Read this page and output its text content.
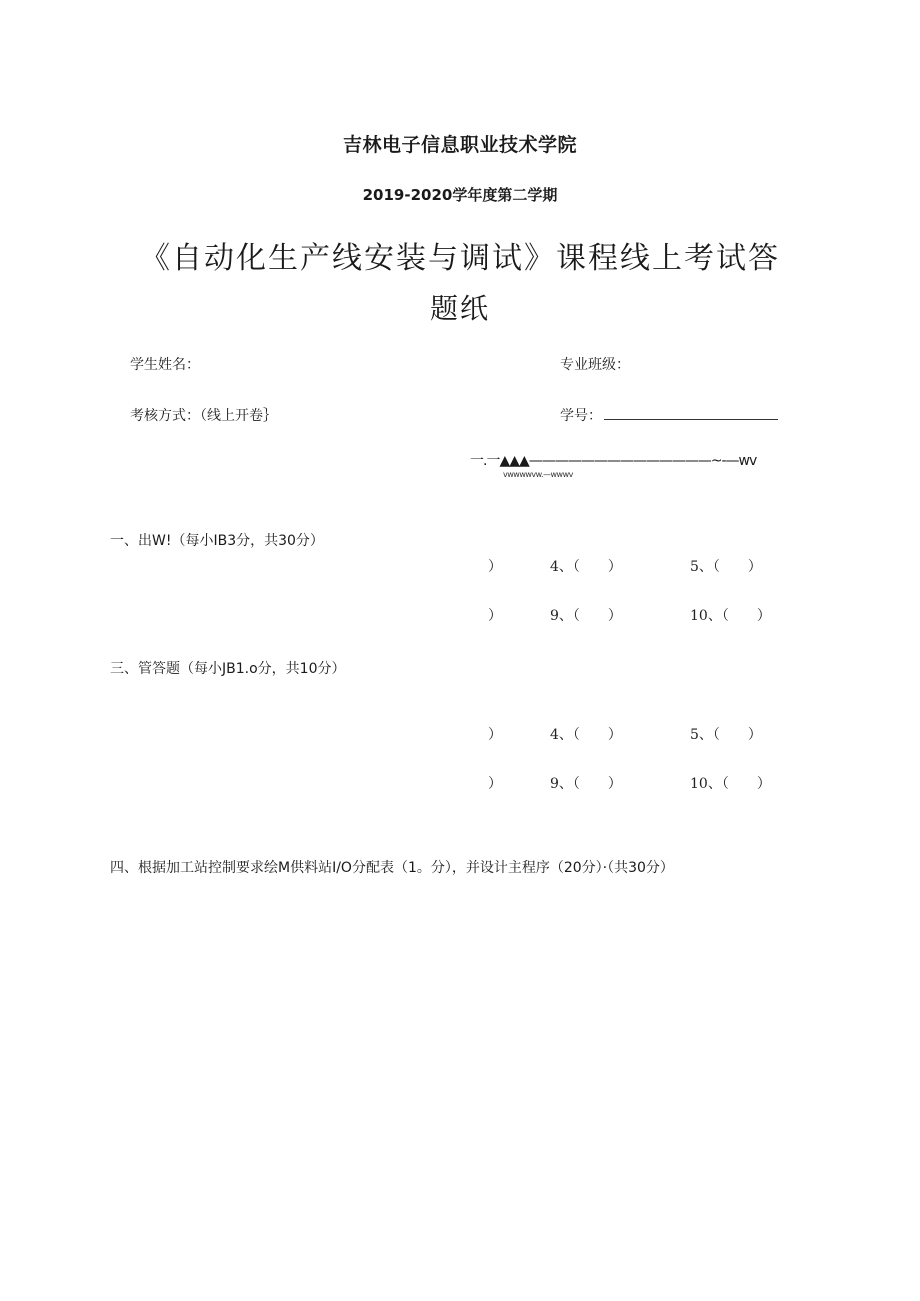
吉林电子信息职业技术学院
2019-2020学年度第二学期
《自动化生产线安装与调试》课程线上考试答
题纸
学生姓名：	专业班级：
考核方式：（线上开卷｝	学号：
一.一▲▲▲——————————————~-—wv
vwwwwvw.—wwwv
一、出W!（每小IB3分，共30分）
）	4、（　　）	5、（　　）
）	9、（　　）	10、（　　）
三、管答题（每小JB1.o分，共10分）
）	4、（　　）	5、（　　）
）	9、（　　）	10、（　　）
四、根据加工站控制要求绘M供料站I/O分配表（1。分），并设计主程序（20分）·（共30分）
